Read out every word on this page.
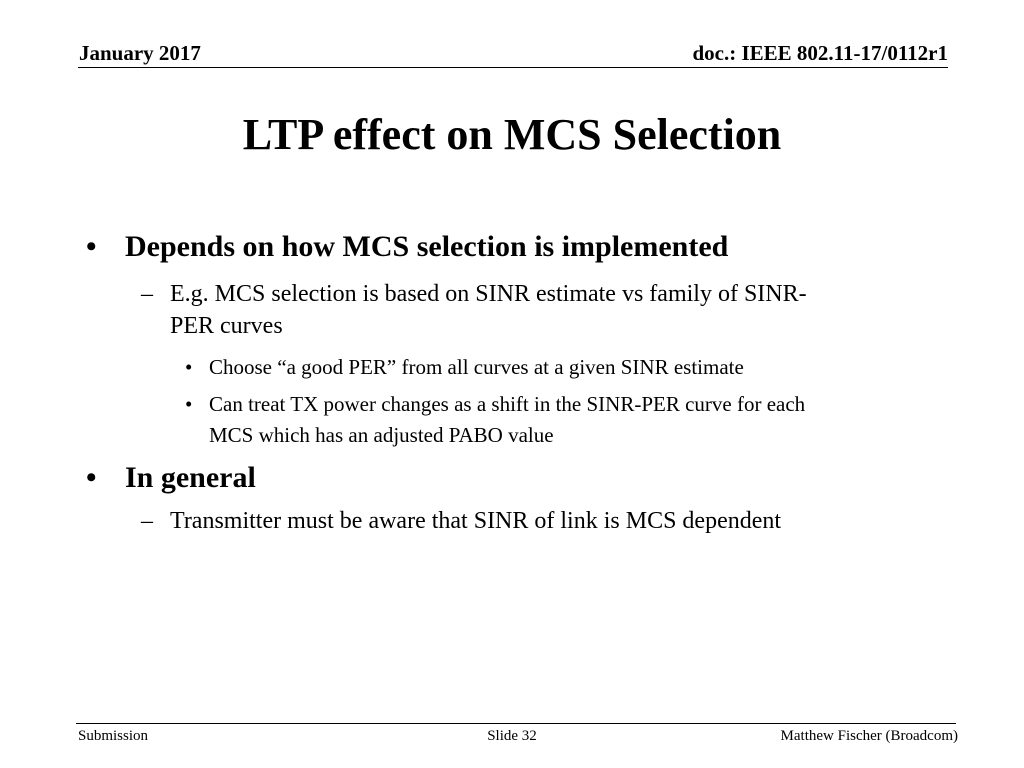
January 2017	doc.: IEEE 802.11-17/0112r1
LTP effect on MCS Selection
• Depends on how MCS selection is implemented
– E.g. MCS selection is based on SINR estimate vs family of SINR-
PER curves
• Choose “a good PER” from all curves at a given SINR estimate
• Can treat TX power changes as a shift in the SINR-PER curve for each
MCS which has an adjusted PABO value
• In general
– Transmitter must be aware that SINR of link is MCS dependent
Submission	Slide 32	Matthew Fischer (Broadcom)
